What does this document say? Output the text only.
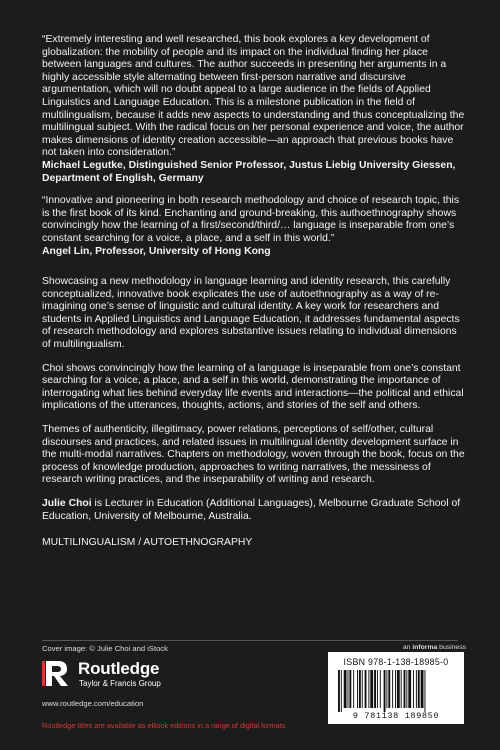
“Extremely interesting and well researched, this book explores a key development of globalization: the mobility of people and its impact on the individual finding her place between languages and cultures. The author succeeds in presenting her arguments in a highly accessible style alternating between first-person narrative and discursive argumentation, which will no doubt appeal to a large audience in the fields of Applied Linguistics and Language Education. This is a milestone publication in the field of multilingualism, because it adds new aspects to understanding and thus conceptualizing the multilingual subject. With the radical focus on her personal experience and voice, the author makes dimensions of identity creation accessible—an approach that previous books have not taken into consideration.”

Michael Legutke, Distinguished Senior Professor, Justus Liebig University Giessen, Department of English, Germany

“Innovative and pioneering in both research methodology and choice of research topic, this is the first book of its kind. Enchanting and ground-breaking, this authoethnography shows convincingly how the learning of a first/second/third/… language is inseparable from one’s constant searching for a voice, a place, and a self in this world.”

Angel Lin, Professor, University of Hong Kong

Showcasing a new methodology in language learning and identity research, this carefully conceptualized, innovative book explicates the use of autoethnography as a way of re-imagining one’s sense of linguistic and cultural identity. A key work for researchers and students in Applied Linguistics and Language Education, it addresses fundamental aspects of research methodology and explores substantive issues relating to individual dimensions of multilingualism.

Choi shows convincingly how the learning of a language is inseparable from one’s constant searching for a voice, a place, and a self in this world, demonstrating the importance of interrogating what lies behind everyday life events and interactions—the political and ethical implications of the utterances, thoughts, actions, and stories of the self and others.

Themes of authenticity, illegitimacy, power relations, perceptions of self/other, cultural discourses and practices, and related issues in multilingual identity development surface in the multi-modal narratives. Chapters on methodology, woven through the book, focus on the process of knowledge production, approaches to writing narratives, the messiness of research writing practices, and the inseparability of writing and research.

Julie Choi is Lecturer in Education (Additional Languages), Melbourne Graduate School of Education, University of Melbourne, Australia.

MULTILINGUALISM / AUTOETHNOGRAPHY

Cover image: © Julie Choi and iStock	an informa business
Routledge
Taylor & Francis Group
www.routledge.com/education
Routledge titles are available as eBook editions in a range of digital formats
ISBN 978-1-138-18985-0
9 781138 189850
